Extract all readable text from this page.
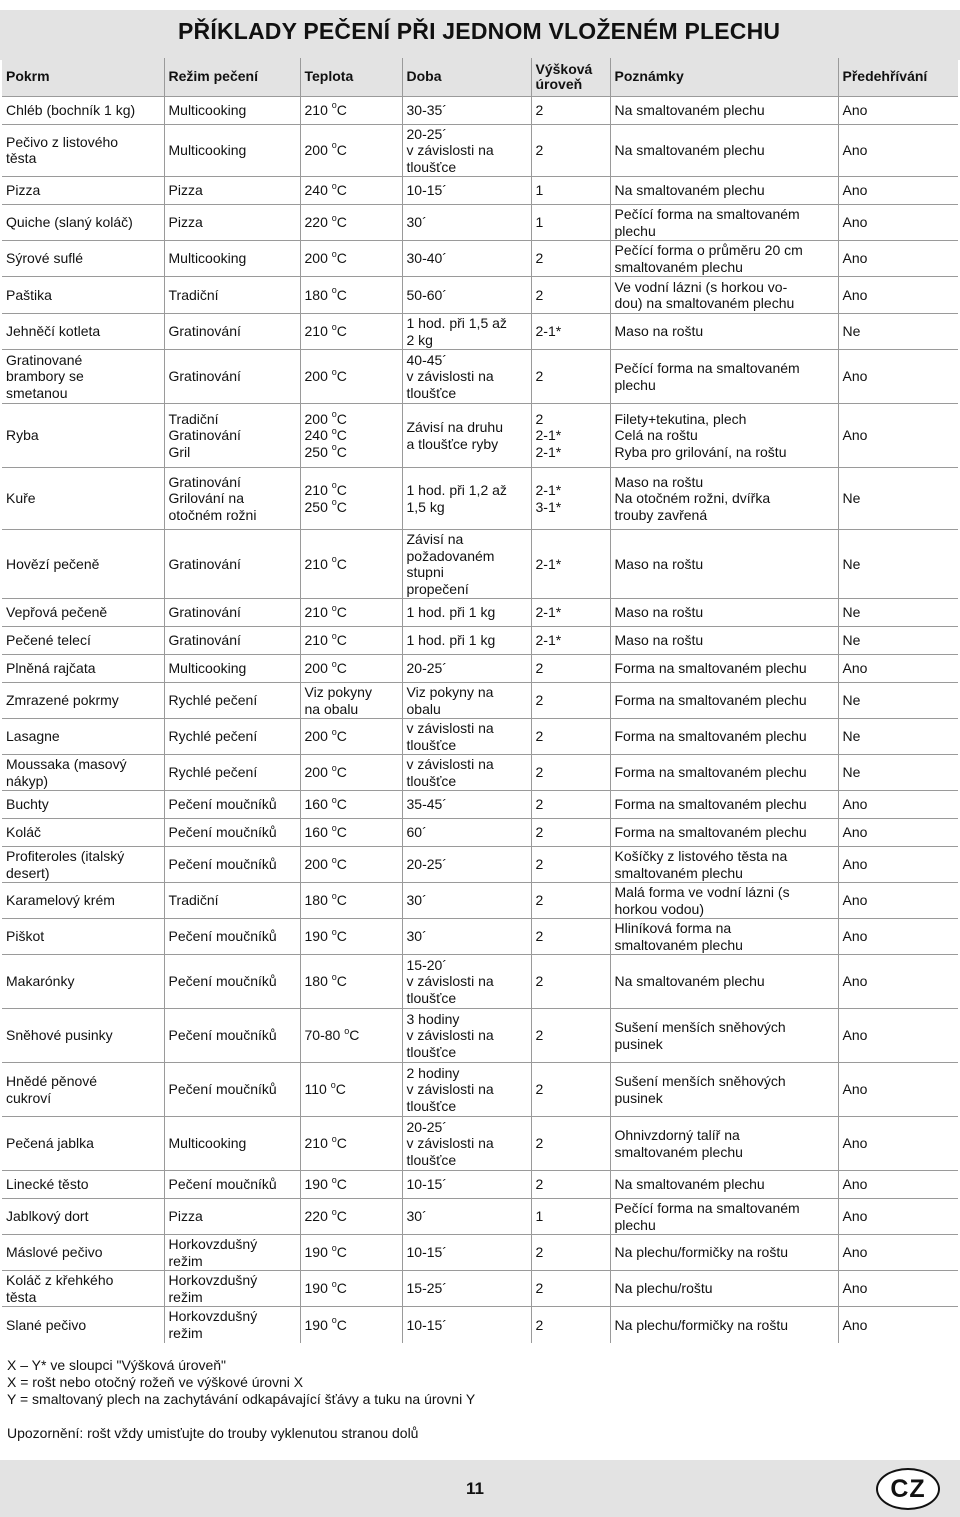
PŘÍKLADY PEČENÍ PŘI JEDNOM VLOŽENÉM PLECHU
Pokrm	Režim pečení	Teplota	Doba	Výšková
úroveň	Poznámky	Předehřívání
Chléb (bochník 1 kg)	Multicooking	210 $^o$C	30-35´	2	Na smaltovaném plechu	Ano
Pečivo z listového
těsta	Multicooking	200 $^o$C	20-25´
v závislosti na
tloušťce	2	Na smaltovaném plechu	Ano
Pizza	Pizza	240 $^o$C	10-15´	1	Na smaltovaném plechu	Ano
Quiche (slaný koláč)	Pizza	220 $^o$C	30´	1	Pečící forma na smaltovaném
plechu	Ano
Sýrové suflé	Multicooking	200 $^o$C	30-40´	2	Pečící forma o průměru 20 cm
smaltovaném plechu	Ano
Paštika	Tradiční	180 $^o$C	50-60´	2	Ve vodní lázni (s horkou vo-
dou) na smaltovaném plechu	Ano
Jehněčí kotleta	Gratinování	210 $^o$C	1 hod. při 1,5 až
2 kg	2-1*	Maso na roštu	Ne
Gratinované
brambory se
smetanou	Gratinování	200 $^o$C	40-45´
v závislosti na
tloušťce	2	Pečící forma na smaltovaném
plechu	Ano
Ryba	Tradiční
Gratinování
Gril	200 $^o$C
240 $^o$C
250 $^o$C	Závisí na druhu
a tloušťce ryby	2
2-1*
2-1*	Filety+tekutina, plech
Celá na roštu
Ryba pro grilování, na roštu	Ano
Kuře	Gratinování
Grilování na
otočném rožni	210 $^o$C
250 $^o$C	1 hod. při 1,2 až
1,5 kg	2-1*
3-1*	Maso na roštu
Na otočném rožni, dvířka
trouby zavřená	Ne
Hovězí pečeně	Gratinování	210 $^o$C	Závisí na
požadovaném
stupni
propečení	2-1*	Maso na roštu	Ne
Vepřová pečeně	Gratinování	210 $^o$C	1 hod. při 1 kg	2-1*	Maso na roštu	Ne
Pečené telecí	Gratinování	210 $^o$C	1 hod. při 1 kg	2-1*	Maso na roštu	Ne
Plněná rajčata	Multicooking	200 $^o$C	20-25´	2	Forma na smaltovaném plechu	Ano
Zmrazené pokrmy	Rychlé pečení	Viz pokyny
na obalu	Viz pokyny na
obalu	2	Forma na smaltovaném plechu	Ne
Lasagne	Rychlé pečení	200 $^o$C	v závislosti na
tloušťce	2	Forma na smaltovaném plechu	Ne
Moussaka (masový
nákyp)	Rychlé pečení	200 $^o$C	v závislosti na
tloušťce	2	Forma na smaltovaném plechu	Ne
Buchty	Pečení moučníků	160 $^o$C	35-45´	2	Forma na smaltovaném plechu	Ano
Koláč	Pečení moučníků	160 $^o$C	60´	2	Forma na smaltovaném plechu	Ano
Profiteroles (italský
desert)	Pečení moučníků	200 $^o$C	20-25´	2	Košíčky z listového těsta na
smaltovaném plechu	Ano
Karamelový krém	Tradiční	180 $^o$C	30´	2	Malá forma ve vodní lázni (s
horkou vodou)	Ano
Piškot	Pečení moučníků	190 $^o$C	30´	2	Hliníková forma na
smaltovaném plechu	Ano
Makarónky	Pečení moučníků	180 $^o$C	15-20´
v závislosti na
tloušťce	2	Na smaltovaném plechu	Ano
Sněhové pusinky	Pečení moučníků	70-80 $^o$C	3 hodiny
v závislosti na
tloušťce	2	Sušení menších sněhových
pusinek	Ano
Hnědé pěnové
cukroví	Pečení moučníků	110 $^o$C	2 hodiny
v závislosti na
tloušťce	2	Sušení menších sněhových
pusinek	Ano
Pečená jablka	Multicooking	210 $^o$C	20-25´
v závislosti na
tloušťce	2	Ohnivzdorný talíř na
smaltovaném plechu	Ano
Linecké těsto	Pečení moučníků	190 $^o$C	10-15´	2	Na smaltovaném plechu	Ano
Jablkový dort	Pizza	220 $^o$C	30´	1	Pečící forma na smaltovaném
plechu	Ano
Máslové pečivo	Horkovzdušný
režim	190 $^o$C	10-15´	2	Na plechu/formičky na roštu	Ano
Koláč z křehkého
těsta	Horkovzdušný
režim	190 $^o$C	15-25´	2	Na plechu/roštu	Ano
Slané pečivo	Horkovzdušný
režim	190 $^o$C	10-15´	2	Na plechu/formičky na roštu	Ano
X – Y* ve sloupci "Výšková úroveň"
X = rošt nebo otočný rožeň ve výškové úrovni X
Y = smaltovaný plech na zachytávání odkapávající šťávy a tuku na úrovni Y
Upozornění: rošt vždy umisťujte do trouby vyklenutou stranou dolů
11	CZ
